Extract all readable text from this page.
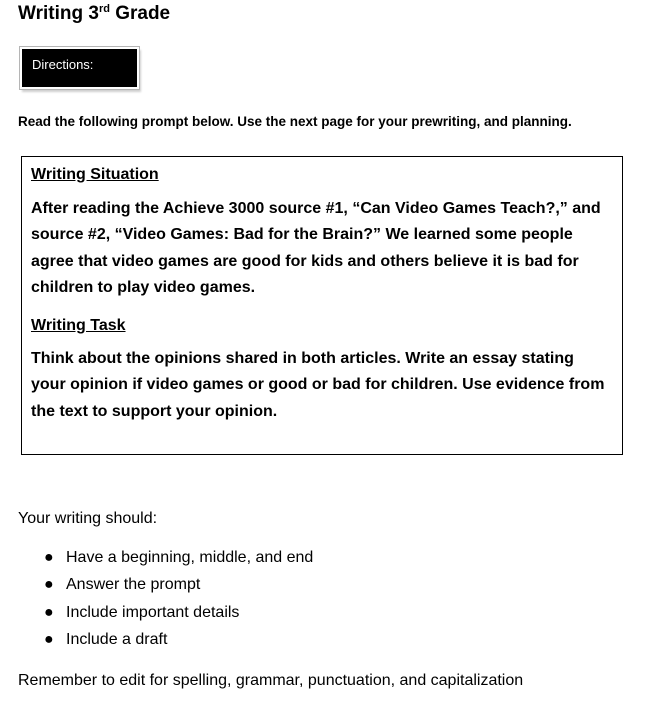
Writing 3rd Grade
Directions:
Read the following prompt below. Use the next page for your prewriting, and planning.
Writing Situation

After reading the Achieve 3000 source #1, “Can Video Games Teach?,” and source #2, “Video Games: Bad for the Brain?” We learned some people agree that video games are good for kids and others believe it is bad for children to play video games.

Writing Task

Think about the opinions shared in both articles. Write an essay stating your opinion if video games or good or bad for children. Use evidence from the text to support your opinion.

Your writing should:
● Have a beginning, middle, and end
● Answer the prompt
● Include important details
● Include a draft
Remember to edit for spelling, grammar, punctuation, and capitalization
